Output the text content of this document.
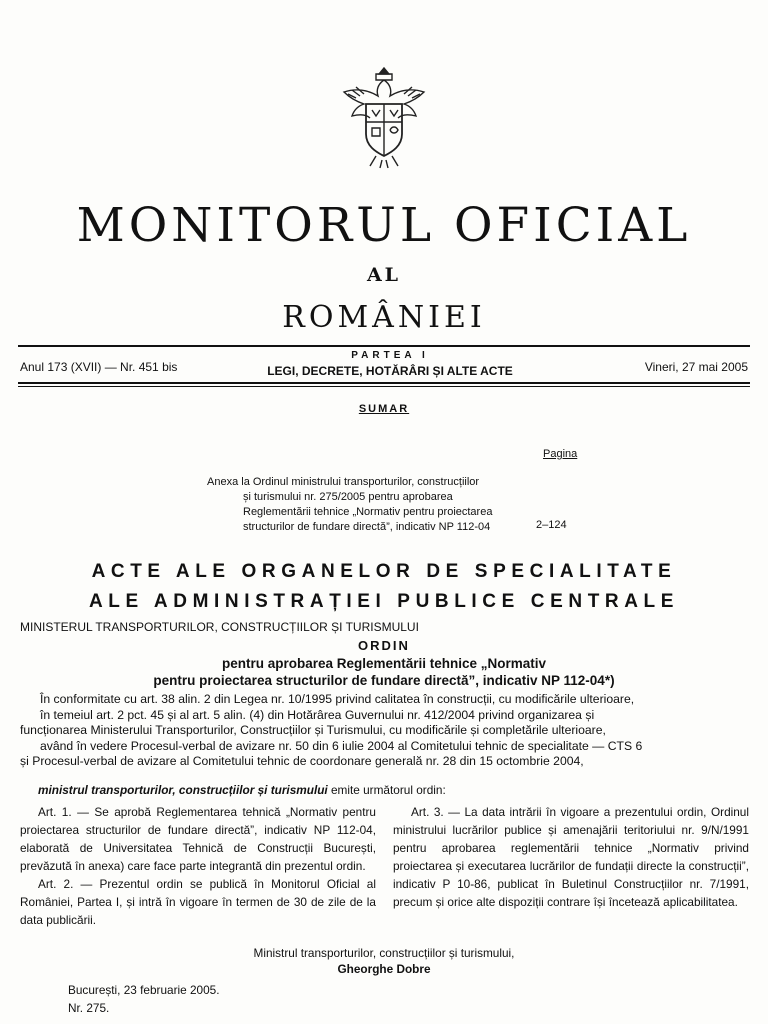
MONITORUL OFICIAL
AL
ROMÂNIEI
Anul 173 (XVII) — Nr. 451 bis
PARTEA I
LEGI, DECRETE, HOTĂRÂRI ȘI ALTE ACTE	Vineri, 27 mai 2005
SUMAR
Pagina
Anexa la Ordinul ministrului transporturilor, construcțiilor
și turismului nr. 275/2005 pentru aprobarea
Reglementării tehnice „Normativ pentru proiectarea
structurilor de fundare directă”, indicativ NP 112-04	2–124
ACTE ALE ORGANELOR DE SPECIALITATE
ALE ADMINISTRAȚIEI PUBLICE CENTRALE
MINISTERUL TRANSPORTURILOR, CONSTRUCȚIILOR ȘI TURISMULUI
ORDIN
pentru aprobarea Reglementării tehnice „Normativ
pentru proiectarea structurilor de fundare directă”, indicativ NP 112-04*)
În conformitate cu art. 38 alin. 2 din Legea nr. 10/1995 privind calitatea în construcții, cu modificările ulterioare,
în temeiul art. 2 pct. 45 și al art. 5 alin. (4) din Hotărârea Guvernului nr. 412/2004 privind organizarea și
funcționarea Ministerului Transporturilor, Construcțiilor și Turismului, cu modificările și completările ulterioare,
având în vedere Procesul-verbal de avizare nr. 50 din 6 iulie 2004 al Comitetului tehnic de specialitate — CTS 6
și Procesul-verbal de avizare al Comitetului tehnic de coordonare generală nr. 28 din 15 octombrie 2004,
ministrul transporturilor, construcțiilor și turismului emite următorul ordin:

Art. 1. — Se aprobă Reglementarea tehnică „Normativ pentru proiectarea structurilor de fundare directă”, indicativ NP 112-04, elaborată de Universitatea Tehnică de Construcții București, prevăzută în anexa) care face parte integrantă din prezentul ordin.

Art. 2. — Prezentul ordin se publică în Monitorul Oficial al României, Partea I, și intră în vigoare în termen de 30 de zile de la data publicării.

Art. 3. — La data intrării în vigoare a prezentului ordin, Ordinul ministrului lucrărilor publice și amenajării teritoriului nr. 9/N/1991 pentru aprobarea reglementării tehnice „Normativ privind proiectarea și executarea lucrărilor de fundații directe la construcții”, indicativ P 10-86, publicat în Buletinul Construcțiilor nr. 7/1991, precum și orice alte dispoziții contrare își încetează aplicabilitatea.

Ministrul transporturilor, construcțiilor și turismului,
Gheorghe Dobre
București, 23 februarie 2005.
Nr. 275.
